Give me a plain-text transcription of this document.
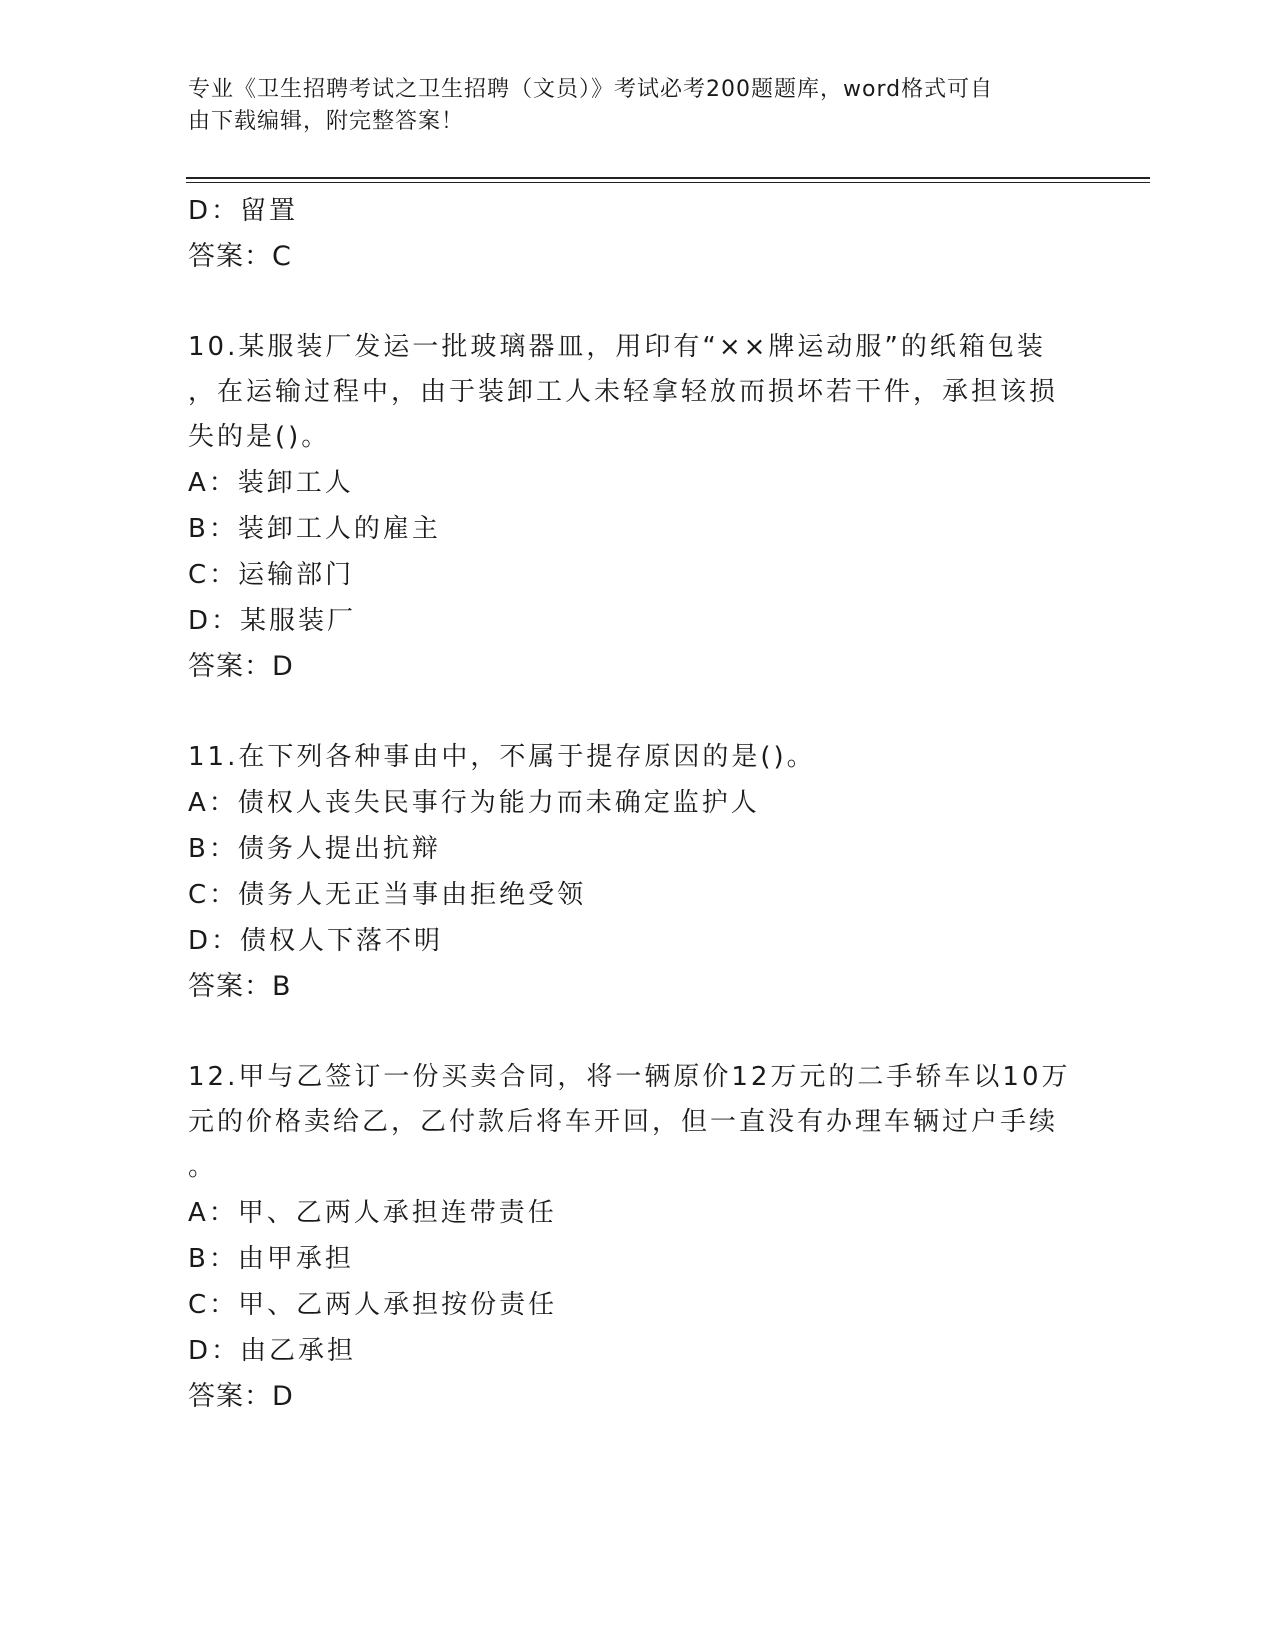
专业《卫生招聘考试之卫生招聘（文员）》考试必考200题题库，word格式可自
由下载编辑，附完整答案！
D：留置
答案：C
10.某服装厂发运一批玻璃器皿，用印有“××牌运动服”的纸箱包装
，在运输过程中，由于装卸工人未轻拿轻放而损坏若干件，承担该损
失的是()。
A：装卸工人
B：装卸工人的雇主
C：运输部门
D：某服装厂
答案：D
11.在下列各种事由中，不属于提存原因的是()。
A：债权人丧失民事行为能力而未确定监护人
B：债务人提出抗辩
C：债务人无正当事由拒绝受领
D：债权人下落不明
答案：B
12.甲与乙签订一份买卖合同，将一辆原价12万元的二手轿车以10万
元的价格卖给乙，乙付款后将车开回，但一直没有办理车辆过户手续
。
A：甲、乙两人承担连带责任
B：由甲承担
C：甲、乙两人承担按份责任
D：由乙承担
答案：D
